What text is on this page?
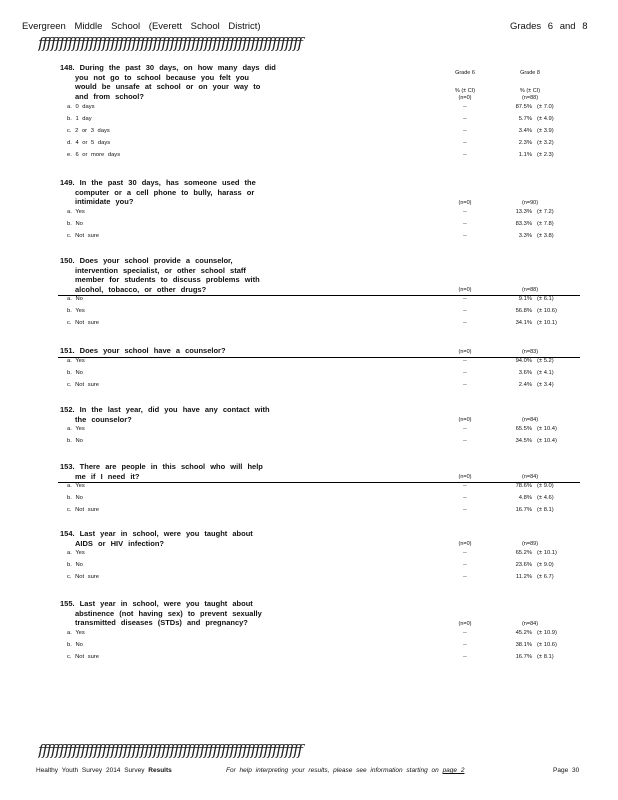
Evergreen Middle School (Everett School District)	Grades 6 and 8
ffffffffffffffffffffffffffffffffffffffffffffffffffffffffffffff
148. During the past 30 days, on how many days did

you not go to school because you felt you
would be unsafe at school or on your way to
and from school?
Grade 6	Grade 8
% (± CI)	% (± CI)
(n=0)	(n=88)
a. 0 days	--	87.5% (± 7.0)
b. 1 day	--	5.7% (± 4.9)
c. 2 or 3 days	--	3.4% (± 3.9)
d. 4 or 5 days	--	2.3% (± 3.2)
e. 6 or more days	--	1.1% (± 2.3)
149. In the past 30 days, has someone used the

computer or a cell phone to bully, harass or
intimidate you?	(n=0)	(n=90)
a. Yes	--	13.3% (± 7.2)
b. No	--	83.3% (± 7.8)
c. Not sure	--	3.3% (± 3.8)
150. Does your school provide a counselor,

intervention specialist, or other school staff
member for students to discuss problems with
alcohol, tobacco, or other drugs?	(n=0)	(n=88)
a. No	--	9.1% (± 6.1)
b. Yes	--	56.8% (± 10.6)
c. Not sure	--	34.1% (± 10.1)
151. Does your school have a counselor?	(n=0)	(n=83)
a. Yes	--	94.0% (± 5.2)
b. No	--	3.6% (± 4.1)
c. Not sure	--	2.4% (± 3.4)
152. In the last year, did you have any contact with

the counselor?	(n=0)	(n=84)
a. Yes	--	65.5% (± 10.4)
b. No	--	34.5% (± 10.4)
153. There are people in this school who will help

me if I need it?	(n=0)	(n=84)
a. Yes	--	78.6% (± 9.0)
b. No	--	4.8% (± 4.6)
c. Not sure	--	16.7% (± 8.1)
154. Last year in school, were you taught about

AIDS or HIV infection?	(n=0)	(n=89)
a. Yes	--	65.2% (± 10.1)
b. No	--	23.6% (± 9.0)
c. Not sure	--	11.2% (± 6.7)
155. Last year in school, were you taught about

abstinence (not having sex) to prevent sexually
transmitted diseases (STDs) and pregnancy?	(n=0)	(n=84)
a. Yes	--	45.2% (± 10.9)
b. No	--	38.1% (± 10.6)
c. Not sure	--	16.7% (± 8.1)
ffffffffffffffffffffffffffffffffffffffffffffffffffffffffffffff
Healthy Youth Survey 2014 Survey Results	For help interpreting your results, please see information starting on page 2	Page 30
